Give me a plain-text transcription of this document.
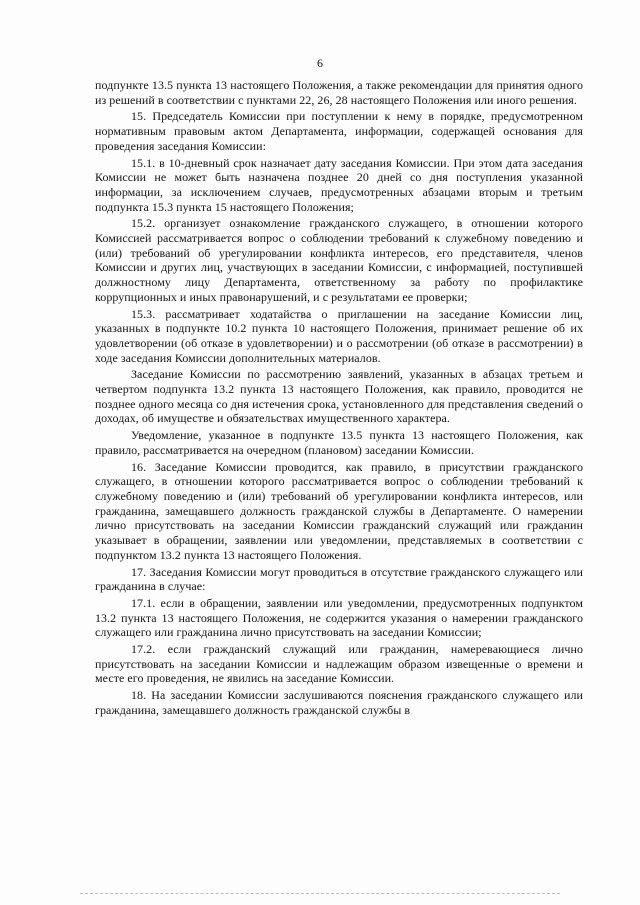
6

подпункте 13.5 пункта 13 настоящего Положения, а также рекомендации для принятия одного из решений в соответствии с пунктами 22, 26, 28 настоящего Положения или иного решения.

15. Председатель Комиссии при поступлении к нему в порядке, предусмотренном нормативным правовым актом Департамента, информации, содержащей основания для проведения заседания Комиссии:

15.1. в 10-дневный срок назначает дату заседания Комиссии. При этом дата заседания Комиссии не может быть назначена позднее 20 дней со дня поступления указанной информации, за исключением случаев, предусмотренных абзацами вторым и третьим подпункта 15.3 пункта 15 настоящего Положения;

15.2. организует ознакомление гражданского служащего, в отношении которого Комиссией рассматривается вопрос о соблюдении требований к служебному поведению и (или) требований об урегулировании конфликта интересов, его представителя, членов Комиссии и других лиц, участвующих в заседании Комиссии, с информацией, поступившей должностному лицу Департамента, ответственному за работу по профилактике коррупционных и иных правонарушений, и с результатами ее проверки;

15.3. рассматривает ходатайства о приглашении на заседание Комиссии лиц, указанных в подпункте 10.2 пункта 10 настоящего Положения, принимает решение об их удовлетворении (об отказе в удовлетворении) и о рассмотрении (об отказе в рассмотрении) в ходе заседания Комиссии дополнительных материалов.

Заседание Комиссии по рассмотрению заявлений, указанных в абзацах третьем и четвертом подпункта 13.2 пункта 13 настоящего Положения, как правило, проводится не позднее одного месяца со дня истечения срока, установленного для представления сведений о доходах, об имуществе и обязательствах имущественного характера.

Уведомление, указанное в подпункте 13.5 пункта 13 настоящего Положения, как правило, рассматривается на очередном (плановом) заседании Комиссии.

16. Заседание Комиссии проводится, как правило, в присутствии гражданского служащего, в отношении которого рассматривается вопрос о соблюдении требований к служебному поведению и (или) требований об урегулировании конфликта интересов, или гражданина, замещавшего должность гражданской службы в Департаменте. О намерении лично присутствовать на заседании Комиссии гражданский служащий или гражданин указывает в обращении, заявлении или уведомлении, представляемых в соответствии с подпунктом 13.2 пункта 13 настоящего Положения.

17. Заседания Комиссии могут проводиться в отсутствие гражданского служащего или гражданина в случае:

17.1. если в обращении, заявлении или уведомлении, предусмотренных подпунктом 13.2 пункта 13 настоящего Положения, не содержится указания о намерении гражданского служащего или гражданина лично присутствовать на заседании Комиссии;

17.2. если гражданский служащий или гражданин, намеревающиеся лично присутствовать на заседании Комиссии и надлежащим образом извещенные о времени и месте его проведения, не явились на заседание Комиссии.

18. На заседании Комиссии заслушиваются пояснения гражданского служащего или гражданина, замещавшего должность гражданской службы в
